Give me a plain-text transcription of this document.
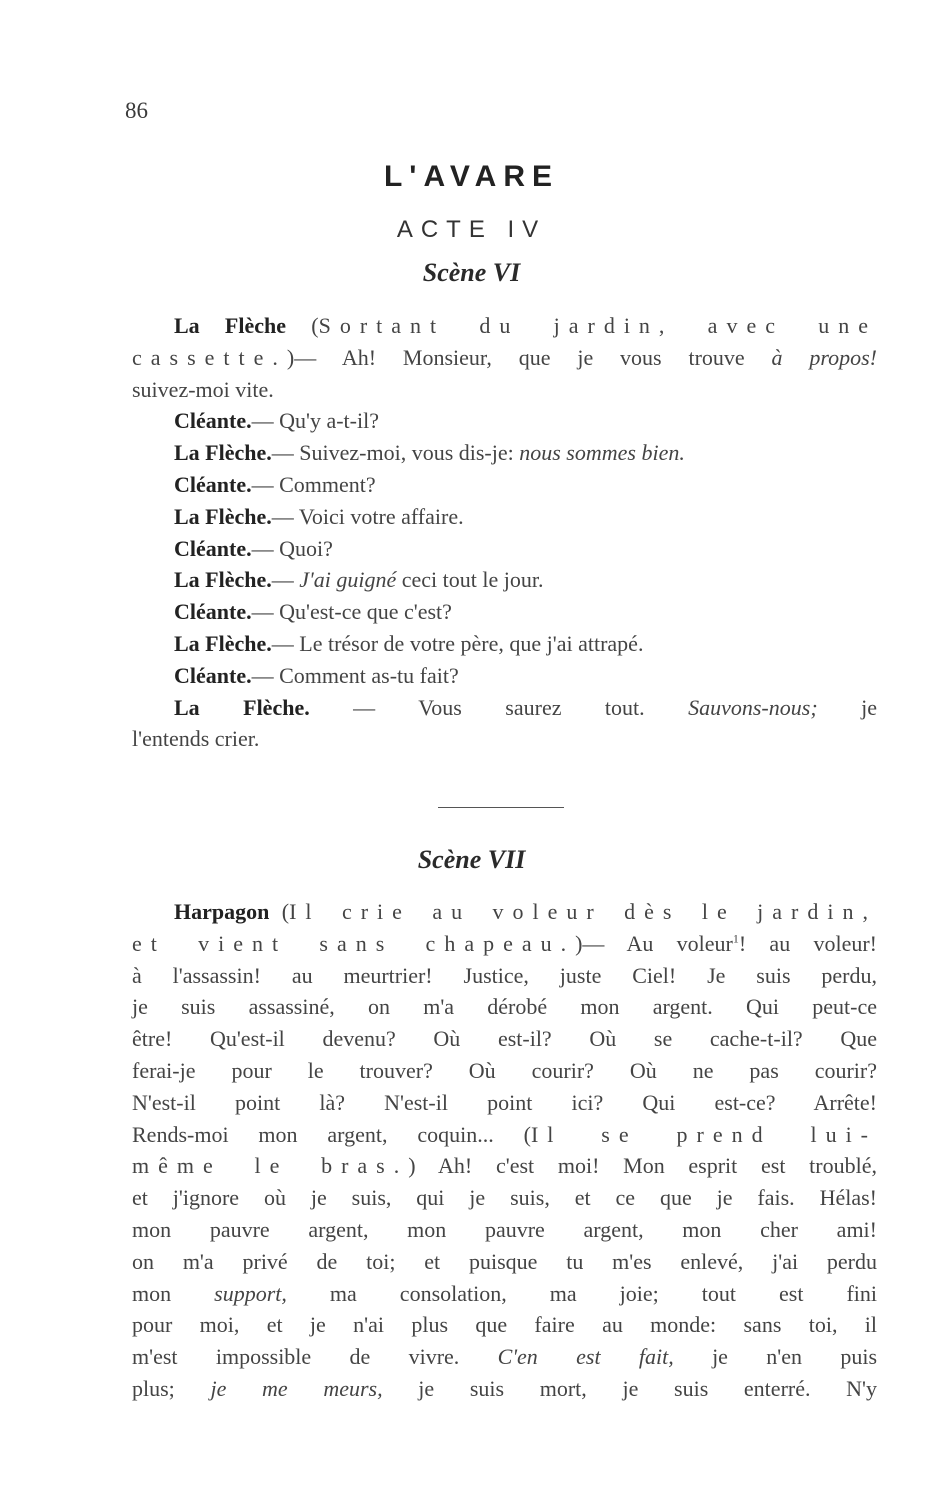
86
L'AVARE
ACTE IV
Scène VI
La Flèche (Sortant du jardin, avec une
cassette.)— Ah! Monsieur, que je vous trouve à propos!
suivez-moi vite.
Cléante.— Qu'y a-t-il?
La Flèche.— Suivez-moi, vous dis-je: nous sommes bien.
Cléante.— Comment?
La Flèche.— Voici votre affaire.
Cléante.— Quoi?
La Flèche.— J'ai guigné ceci tout le jour.
Cléante.— Qu'est-ce que c'est?
La Flèche.— Le trésor de votre père, que j'ai attrapé.
Cléante.— Comment as-tu fait?
La Flèche. — Vous saurez tout. Sauvons-nous; je
l'entends crier.
Scène VII
Harpagon (Il crie au voleur dès le jardin,
et vient sans chapeau.)— Au voleur$^1$! au voleur!
à l'assassin! au meurtrier! Justice, juste Ciel! Je suis perdu,
je suis assassiné, on m'a dérobé mon argent. Qui peut-ce
être! Qu'est-il devenu? Où est-il? Où se cache-t-il? Que
ferai-je pour le trouver? Où courir? Où ne pas courir?
N'est-il point là? N'est-il point ici? Qui est-ce? Arrête!
Rends-moi mon argent, coquin... (Il se prend lui-
même le bras.) Ah! c'est moi! Mon esprit est troublé,
et j'ignore où je suis, qui je suis, et ce que je fais. Hélas!
mon pauvre argent, mon pauvre argent, mon cher ami!
on m'a privé de toi; et puisque tu m'es enlevé, j'ai perdu
mon support, ma consolation, ma joie; tout est fini
pour moi, et je n'ai plus que faire au monde: sans toi, il
m'est impossible de vivre. C'en est fait, je n'en puis
plus; je me meurs, je suis mort, je suis enterré. N'y
